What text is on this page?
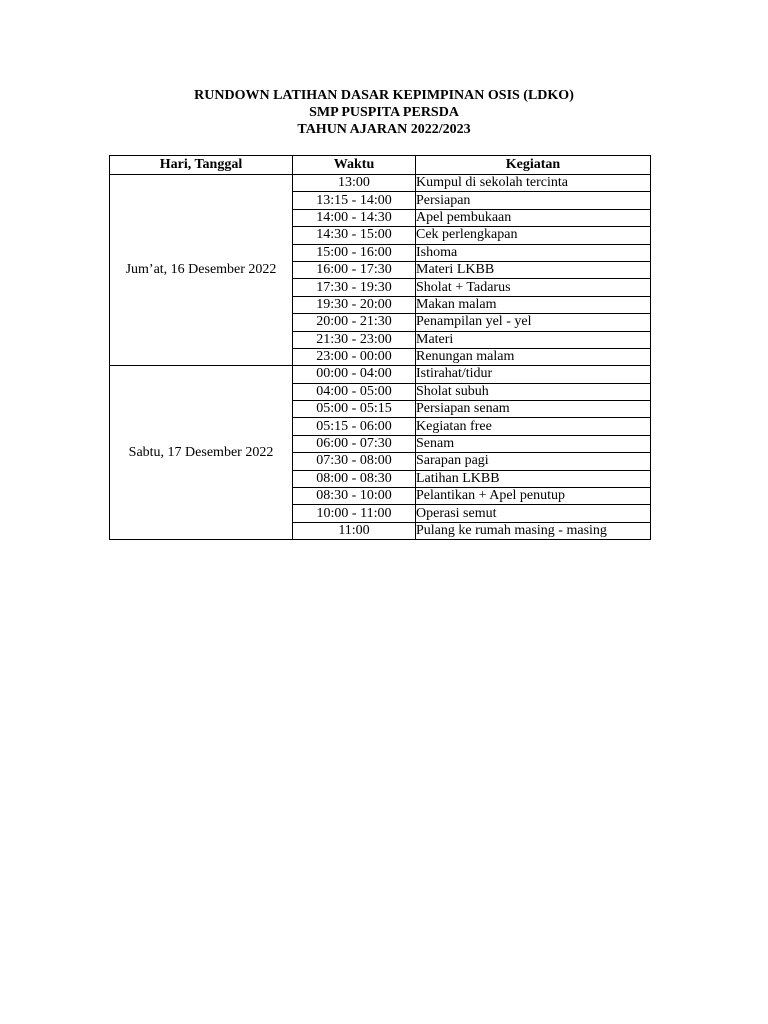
RUNDOWN LATIHAN DASAR KEPIMPINAN OSIS (LDKO)
SMP PUSPITA PERSDA
TAHUN AJARAN 2022/2023
Hari, Tanggal	Waktu	Kegiatan
Jum’at, 16 Desember 2022	13:00	Kumpul di sekolah tercinta
	13:15 - 14:00	Persiapan
	14:00 - 14:30	Apel pembukaan
	14:30 - 15:00	Cek perlengkapan
	15:00 - 16:00	Ishoma
	16:00 - 17:30	Materi LKBB
	17:30 - 19:30	Sholat + Tadarus
	19:30 - 20:00	Makan malam
	20:00 - 21:30	Penampilan yel - yel
	21:30 - 23:00	Materi
	23:00 - 00:00	Renungan malam
Sabtu, 17 Desember 2022	00:00 - 04:00	Istirahat/tidur
	04:00 - 05:00	Sholat subuh
	05:00 - 05:15	Persiapan senam
	05:15 - 06:00	Kegiatan free
	06:00 - 07:30	Senam
	07:30 - 08:00	Sarapan pagi
	08:00 - 08:30	Latihan LKBB
	08:30 - 10:00	Pelantikan + Apel penutup
	10:00 - 11:00	Operasi semut
	11:00	Pulang ke rumah masing - masing
